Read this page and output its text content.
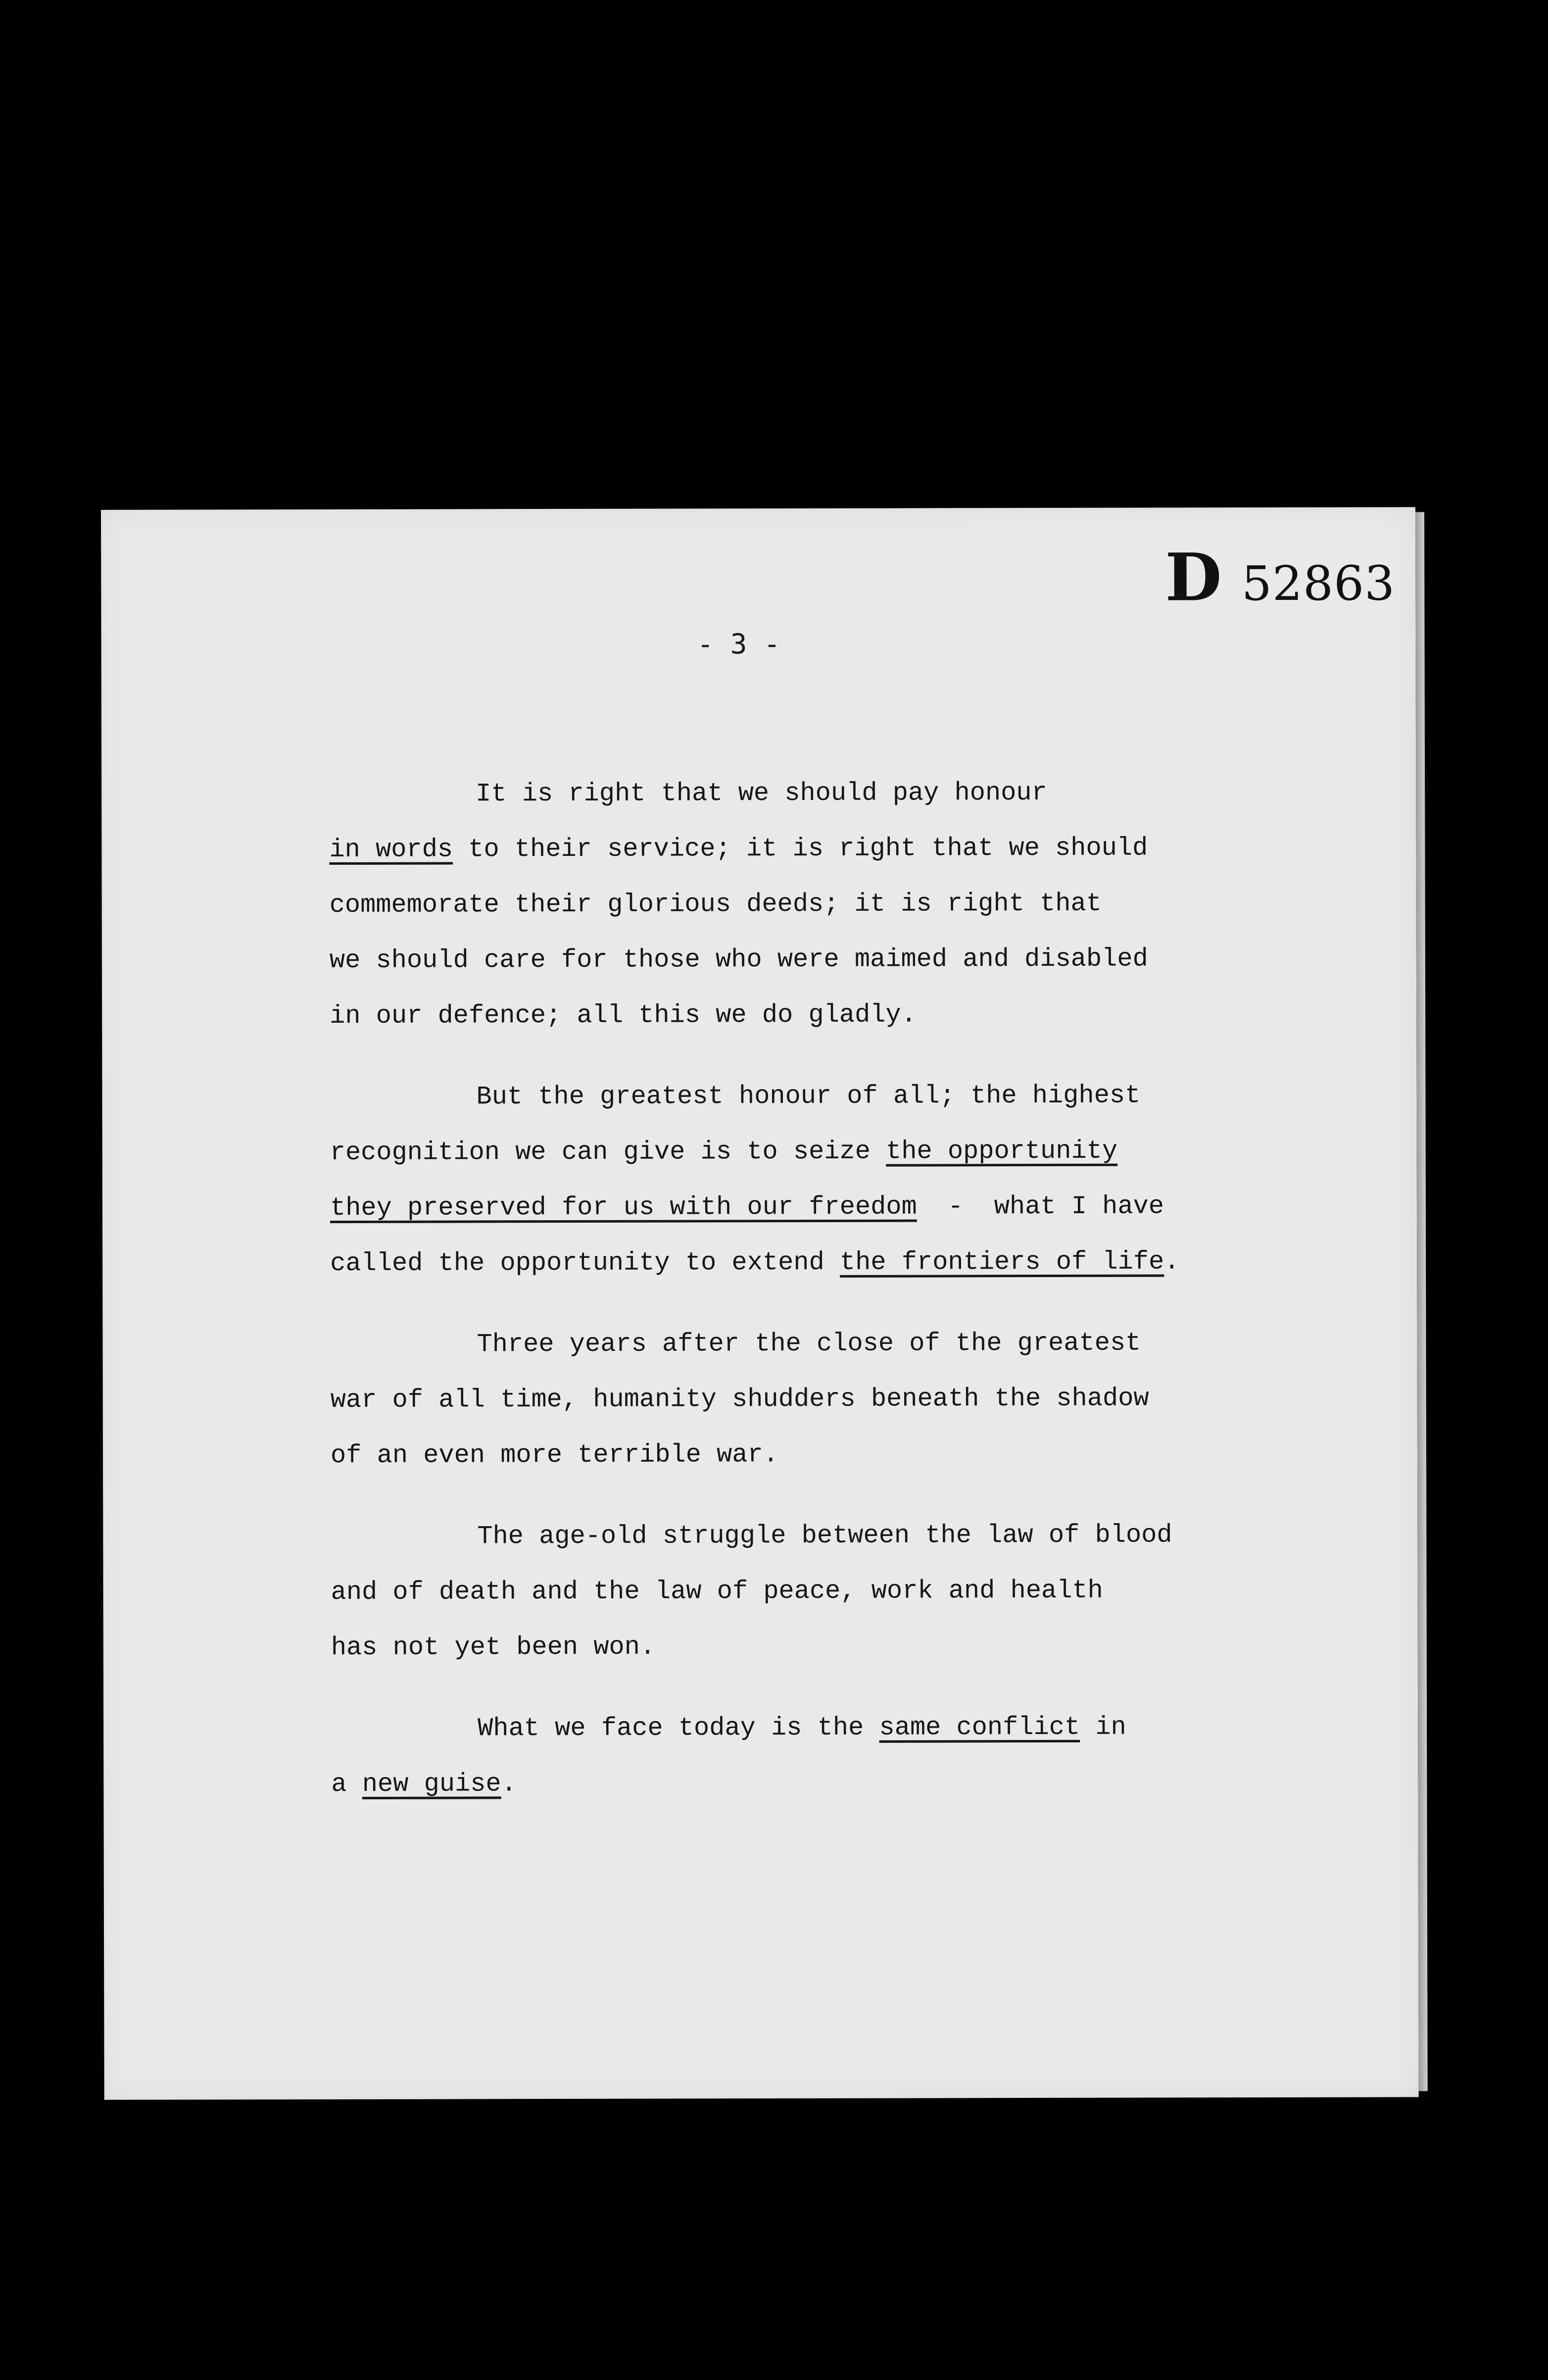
D 52863
- 3 -
It is right that we should pay honour
in words to their service; it is right that we should
commemorate their glorious deeds; it is right that
we should care for those who were maimed and disabled
in our defence; all this we do gladly.
But the greatest honour of all; the highest
recognition we can give is to seize the opportunity
they preserved for us with our freedom  -  what I have
called the opportunity to extend the frontiers of life.
Three years after the close of the greatest
war of all time, humanity shudders beneath the shadow
of an even more terrible war.
The age-old struggle between the law of blood
and of death and the law of peace, work and health
has not yet been won.
What we face today is the same conflict in
a new guise.
